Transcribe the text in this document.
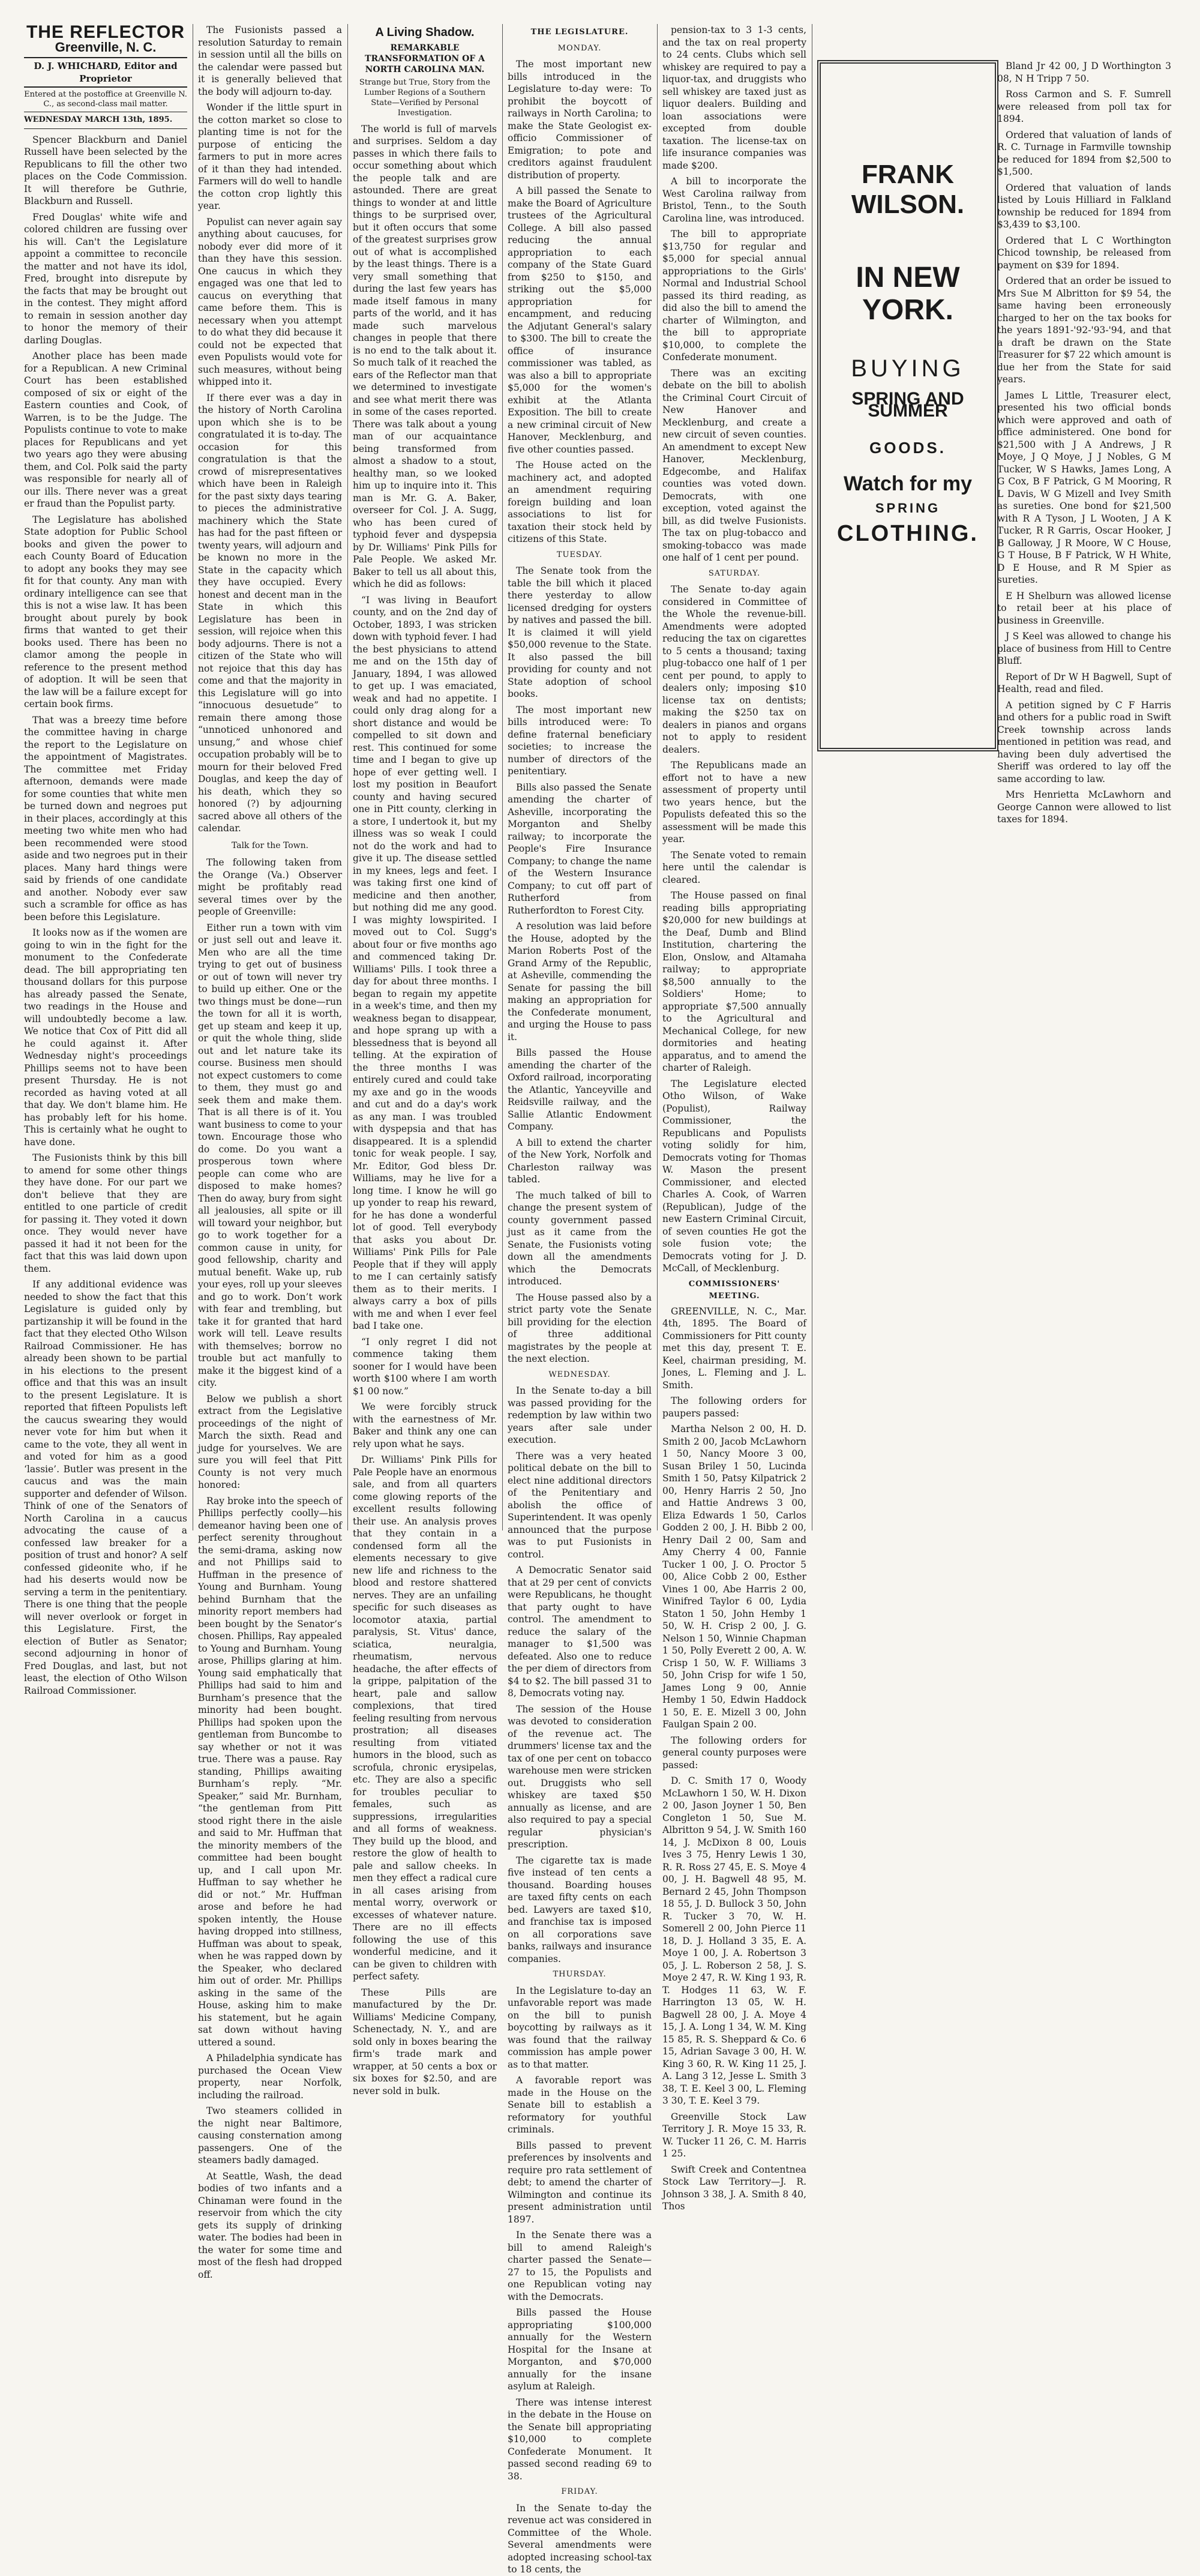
THE REFLECTOR
Greenville, N. C.
D. J. WHICHARD, Editor and Proprietor
Entered at the postoffice at Greenville N. C., as second-class mail matter.
WEDNESDAY MARCH 13th, 1895.

Spencer Blackburn and Daniel Russell have been selected by the Republicans to fill the other two places on the Code Commission. It will therefore be Guthrie, Blackburn and Russell.

Fred Douglas' white wife and colored children are fussing over his will. Can't the Legislature appoint a committee to reconcile the matter and not have its idol, Fred, brought into disrepute by the facts that may be brought out in the contest. They might afford to remain in session another day to honor the memory of their darling Douglas.

Another place has been made for a Republican. A new Criminal Court has been established composed of six or eight of the Eastern counties and Cook, of Warren, is to be the Judge. The Populists continue to vote to make places for Republicans and yet two years ago they were abusing them, and Col. Polk said the party was responsible for nearly all of our ills. There never was a great er fraud than the Populist party.

The Legislature has abolished State adoption for Public School books and given the power to each County Board of Education to adopt any books they may see fit for that county. Any man with ordinary intelligence can see that this is not a wise law. It has been brought about purely by book firms that wanted to get their books used. There has been no clamor among the people in reference to the present method of adoption. It will be seen that the law will be a failure except for certain book firms.

That was a breezy time before the committee having in charge the report to the Legislature on the appointment of Magistrates. The committee met Friday afternoon, demands were made for some counties that white men be turned down and negroes put in their places, accordingly at this meeting two white men who had been recommended were stood aside and two negroes put in their places. Many hard things were said by friends of one candidate and another. Nobody ever saw such a scramble for office as has been before this Legislature.

It looks now as if the women are going to win in the fight for the monument to the Confederate dead. The bill appropriating ten thousand dollars for this purpose has already passed the Senate, two readings in the House and will undoubtedly become a law. We notice that Cox of Pitt did all he could against it. After Wednesday night's proceedings Phillips seems not to have been present Thursday. He is not recorded as having voted at all that day. We don't blame him. He has probably left for his home. This is certainly what he ought to have done.

The Fusionists think by this bill to amend for some other things they have done. For our part we don't believe that they are entitled to one particle of credit for passing it. They voted it down once. They would never have passed it had it not been for the fact that this was laid down upon them.

If any additional evidence was needed to show the fact that this Legislature is guided only by partizanship it will be found in the fact that they elected Otho Wilson Railroad Commissioner. He has already been shown to be partial in his elections to the present office and that this was an insult to the present Legislature. It is reported that fifteen Populists left the caucus swearing they would never vote for him but when it came to the vote, they all went in and voted for him as a good ‘lassie’. Butler was present in the caucus and was the main supporter and defender of Wilson. Think of one of the Senators of North Carolina in a caucus advocating the cause of a confessed law breaker for a position of trust and honor? A self confessed gideonite who, if he had his deserts would now be serving a term in the penitentiary. There is one thing that the people will never overlook or forget in this Legislature. First, the election of Butler as Senator; second adjourning in honor of Fred Douglas, and last, but not least, the election of Otho Wilson Railroad Commissioner.

The Fusionists passed a resolution Saturday to remain in session until all the bills on the calendar were passed but it is generally believed that the body will adjourn to-day.

Wonder if the little spurt in the cotton market so close to planting time is not for the purpose of enticing the farmers to put in more acres of it than they had intended. Farmers will do well to handle the cotton crop lightly this year.

Populist can never again say anything about caucuses, for nobody ever did more of it than they have this session. One caucus in which they engaged was one that led to caucus on everything that came before them. This is necessary when you attempt to do what they did because it could not be expected that even Populists would vote for such measures, without being whipped into it.

If there ever was a day in the history of North Carolina upon which she is to be congratulated it is to-day. The occasion for this congratulation is that the crowd of misrepresentatives which have been in Raleigh for the past sixty days tearing to pieces the administrative machinery which the State has had for the past fifteen or twenty years, will adjourn and be known no more in the State in the capacity which they have occupied. Every honest and decent man in the State in which this Legislature has been in session, will rejoice when this body adjourns. There is not a citizen of the State who will not rejoice that this day has come and that the majority in this Legislature will go into “innocuous desuetude” to remain there among those “unnoticed unhonored and unsung,” and whose chief occupation probably will be to mourn for their beloved Fred Douglas, and keep the day of his death, which they so honored (?) by adjourning sacred above all others of the calendar.

Talk for the Town.

The following taken from the Orange (Va.) Observer might be profitably read several times over by the people of Greenville:

Either run a town with vim or just sell out and leave it. Men who are all the time trying to get out of business or out of town will never try to build up either. One or the two things must be done—run the town for all it is worth, get up steam and keep it up, or quit the whole thing, slide out and let nature take its course. Business men should not expect customers to come to them, they must go and seek them and make them. That is all there is of it. You want business to come to your town. Encourage those who do come. Do you want a prosperous town where people can come who are disposed to make homes? Then do away, bury from sight all jealousies, all spite or ill will toward your neighbor, but go to work together for a common cause in unity, for good fellowship, charity and mutual benefit. Wake up, rub your eyes, roll up your sleeves and go to work. Don’t work with fear and trembling, but take it for granted that hard work will tell. Leave results with themselves; borrow no trouble but act manfully to make it the biggest kind of a city.

Below we publish a short extract from the Legislative proceedings of the night of March the sixth. Read and judge for yourselves. We are sure you will feel that Pitt County is not very much honored:

Ray broke into the speech of Phillips perfectly coolly—his demeanor having been one of perfect serenity throughout the semi-drama, asking now and not Phillips said to Huffman in the presence of Young and Burnham. Young behind Burnham that the minority report members had been bought by the Senator’s chosen. Phillips, Ray appealed to Young and Burnham. Young arose, Phillips glaring at him. Young said emphatically that Phillips had said to him and Burnham’s presence that the minority had been bought. Phillips had spoken upon the gentleman from Buncombe to say whether or not it was true. There was a pause. Ray standing, Phillips awaiting Burnham’s reply. “Mr. Speaker,” said Mr. Burnham, “the gentleman from Pitt stood right there in the aisle and said to Mr. Huffman that the minority members of the committee had been bought up, and I call upon Mr. Huffman to say whether he did or not.” Mr. Huffman arose and before he had spoken intently, the House having dropped into stillness, Huffman was about to speak, when he was rapped down by the Speaker, who declared him out of order. Mr. Phillips asking in the same of the House, asking him to make his statement, but he again sat down without having uttered a sound.

A Philadelphia syndicate has purchased the Ocean View property, near Norfolk, including the railroad.

Two steamers collided in the night near Baltimore, causing consternation among passengers. One of the steamers badly damaged.

At Seattle, Wash, the dead bodies of two infants and a Chinaman were found in the reservoir from which the city gets its supply of drinking water. The bodies had been in the water for some time and most of the flesh had dropped off.

A Living Shadow.
REMARKABLE TRANSFORMATION OF A NORTH CAROLINA MAN.
Strange but True, Story from the Lumber Regions of a Southern State—Verified by Personal Investigation.

The world is full of marvels and surprises. Seldom a day passes in which there fails to occur something about which the people talk and are astounded. There are great things to wonder at and little things to be surprised over, but it often occurs that some of the greatest surprises grow out of what is accomplished by the least things. There is a very small something that during the last few years has made itself famous in many parts of the world, and it has made such marvelous changes in people that there is no end to the talk about it. So much talk of it reached the ears of the Reflector man that we determined to investigate and see what merit there was in some of the cases reported. There was talk about a young man of our acquaintance being transformed from almost a shadow to a stout, healthy man, so we looked him up to inquire into it. This man is Mr. G. A. Baker, overseer for Col. J. A. Sugg, who has been cured of typhoid fever and dyspepsia by Dr. Williams' Pink Pills for Pale People. We asked Mr. Baker to tell us all about this, which he did as follows:

“I was living in Beaufort county, and on the 2nd day of October, 1893, I was stricken down with typhoid fever. I had the best physicians to attend me and on the 15th day of January, 1894, I was allowed to get up. I was emaciated, weak and had no appetite. I could only drag along for a short distance and would be compelled to sit down and rest. This continued for some time and I began to give up hope of ever getting well. I lost my position in Beaufort county and having secured one in Pitt county, clerking in a store, I undertook it, but my illness was so weak I could not do the work and had to give it up. The disease settled in my knees, legs and feet. I was taking first one kind of medicine and then another, but nothing did me any good. I was mighty lowspirited. I moved out to Col. Sugg's about four or five months ago and commenced taking Dr. Williams' Pills. I took three a day for about three months. I began to regain my appetite in a week's time, and then my weakness began to disappear, and hope sprang up with a blessedness that is beyond all telling. At the expiration of the three months I was entirely cured and could take my axe and go in the woods and cut and do a day's work as any man. I was troubled with dyspepsia and that has disappeared. It is a splendid tonic for weak people. I say, Mr. Editor, God bless Dr. Williams, may he live for a long time. I know he will go up yonder to reap his reward, for he has done a wonderful lot of good. Tell everybody that asks you about Dr. Williams' Pink Pills for Pale People that if they will apply to me I can certainly satisfy them as to their merits. I always carry a box of pills with me and when I ever feel bad I take one.

“I only regret I did not commence taking them sooner for I would have been worth $100 where I am worth $1 00 now.”

We were forcibly struck with the earnestness of Mr. Baker and think any one can rely upon what he says.

Dr. Williams' Pink Pills for Pale People have an enormous sale, and from all quarters come glowing reports of the excellent results following their use. An analysis proves that they contain in a condensed form all the elements necessary to give new life and richness to the blood and restore shattered nerves. They are an unfailing specific for such diseases as locomotor ataxia, partial paralysis, St. Vitus' dance, sciatica, neuralgia, rheumatism, nervous headache, the after effects of la grippe, palpitation of the heart, pale and sallow complexions, that tired feeling resulting from nervous prostration; all diseases resulting from vitiated humors in the blood, such as scrofula, chronic erysipelas, etc. They are also a specific for troubles peculiar to females, such as suppressions, irregularities and all forms of weakness. They build up the blood, and restore the glow of health to pale and sallow cheeks. In men they effect a radical cure in all cases arising from mental worry, overwork or excesses of whatever nature. There are no ill effects following the use of this wonderful medicine, and it can be given to children with perfect safety.

These Pills are manufactured by the Dr. Williams' Medicine Company, Schenectady, N. Y., and are sold only in boxes bearing the firm's trade mark and wrapper, at 50 cents a box or six boxes for $2.50, and are never sold in bulk.

THE LEGISLATURE.
MONDAY.

The most important new bills introduced in the Legislature to-day were: To prohibit the boycott of railways in North Carolina; to make the State Geologist ex-officio Commissioner of Emigration; to pote and creditors against fraudulent distribution of property.

A bill passed the Senate to make the Board of Agriculture trustees of the Agricultural College. A bill also passed reducing the annual appropriation to each company of the State Guard from $250 to $150, and striking out the $5,000 appropriation for encampment, and reducing the Adjutant General's salary to $300. The bill to create the office of insurance commissioner was tabled, as was also a bill to appropriate $5,000 for the women's exhibit at the Atlanta Exposition. The bill to create a new criminal circuit of New Hanover, Mecklenburg, and five other counties passed.

The House acted on the machinery act, and adopted an amendment requiring foreign building and loan associations to list for taxation their stock held by citizens of this State.

TUESDAY.

The Senate took from the table the bill which it placed there yesterday to allow licensed dredging for oysters by natives and passed the bill. It is claimed it will yield $50,000 revenue to the State. It also passed the bill providing for county and not State adoption of school books.

The most important new bills introduced were: To define fraternal beneficiary societies; to increase the number of directors of the penitentiary.

Bills also passed the Senate amending the charter of Asheville, incorporating the Morganton and Shelby railway; to incorporate the People's Fire Insurance Company; to change the name of the Western Insurance Company; to cut off part of Rutherford from Rutherfordton to Forest City.

A resolution was laid before the House, adopted by the Marion Roberts Post of the Grand Army of the Republic, at Asheville, commending the Senate for passing the bill making an appropriation for the Confederate monument, and urging the House to pass it.

Bills passed the House amending the charter of the Oxford railroad, incorporating the Atlantic, Yanceyville and Reidsville railway, and the Sallie Atlantic Endowment Company.

A bill to extend the charter of the New York, Norfolk and Charleston railway was tabled.

The much talked of bill to change the present system of county government passed just as it came from the Senate, the Fusionists voting down all the amendments which the Democrats introduced.

The House passed also by a strict party vote the Senate bill providing for the election of three additional magistrates by the people at the next election.

WEDNESDAY.

In the Senate to-day a bill was passed providing for the redemption by law within two years after sale under execution.

There was a very heated political debate on the bill to elect nine additional directors of the Penitentiary and abolish the office of Superintendent. It was openly announced that the purpose was to put Fusionists in control.

A Democratic Senator said that at 29 per cent of convicts were Republicans, he thought that party ought to have control. The amendment to reduce the salary of the manager to $1,500 was defeated. Also one to reduce the per diem of directors from $4 to $2. The bill passed 31 to 8, Democrats voting nay.

The session of the House was devoted to consideration of the revenue act. The drummers' license tax and the tax of one per cent on tobacco warehouse men were stricken out. Druggists who sell whiskey are taxed $50 annually as license, and are also required to pay a special regular physician's prescription.

The cigarette tax is made five instead of ten cents a thousand. Boarding houses are taxed fifty cents on each bed. Lawyers are taxed $10, and franchise tax is imposed on all corporations save banks, railways and insurance companies.

THURSDAY.

In the Legislature to-day an unfavorable report was made on the bill to punish boycotting by railways as it was found that the railway commission has ample power as to that matter.

A favorable report was made in the House on the Senate bill to establish a reformatory for youthful criminals.

Bills passed to prevent preferences by insolvents and require pro rata settlement of debt; to amend the charter of Wilmington and continue its present administration until 1897.

In the Senate there was a bill to amend Raleigh's charter passed the Senate—27 to 15, the Populists and one Republican voting nay with the Democrats.

Bills passed the House appropriating $100,000 annually for the Western Hospital for the Insane at Morganton, and $70,000 annually for the insane asylum at Raleigh.

There was intense interest in the debate in the House on the Senate bill appropriating $10,000 to complete Confederate Monument. It passed second reading 69 to 38.

FRIDAY.

In the Senate to-day the revenue act was considered in Committee of the Whole. Several amendments were adopted increasing school-tax to 18 cents, the

pension-tax to 3 1-3 cents, and the tax on real property to 24 cents. Clubs which sell whiskey are required to pay a liquor-tax, and druggists who sell whiskey are taxed just as liquor dealers. Building and loan associations were excepted from double taxation. The license-tax on life insurance companies was made $200.

A bill to incorporate the West Carolina railway from Bristol, Tenn., to the South Carolina line, was introduced.

The bill to appropriate $13,750 for regular and $5,000 for special annual appropriations to the Girls' Normal and Industrial School passed its third reading, as did also the bill to amend the charter of Wilmington, and the bill to appropriate $10,000, to complete the Confederate monument.

There was an exciting debate on the bill to abolish the Criminal Court Circuit of New Hanover and Mecklenburg, and create a new circuit of seven counties. An amendment to except New Hanover, Mecklenburg, Edgecombe, and Halifax counties was voted down. Democrats, with one exception, voted against the bill, as did twelve Fusionists. The tax on plug-tobacco and smoking-tobacco was made one half of 1 cent per pound.

SATURDAY.

The Senate to-day again considered in Committee of the Whole the revenue-bill. Amendments were adopted reducing the tax on cigarettes to 5 cents a thousand; taxing plug-tobacco one half of 1 per cent per pound, to apply to dealers only; imposing $10 license tax on dentists; making the $250 tax on dealers in pianos and organs not to apply to resident dealers.

The Republicans made an effort not to have a new assessment of property until two years hence, but the Populists defeated this so the assessment will be made this year.

The Senate voted to remain here until the calendar is cleared.

The House passed on final reading bills appropriating $20,000 for new buildings at the Deaf, Dumb and Blind Institution, chartering the Elon, Onslow, and Altamaha railway; to appropriate $8,500 annually to the Soldiers' Home; to appropriate $7,500 annually to the Agricultural and Mechanical College, for new dormitories and heating apparatus, and to amend the charter of Raleigh.

The Legislature elected Otho Wilson, of Wake (Populist), Railway Commissioner, the Republicans and Populists voting solidly for him, Democrats voting for Thomas W. Mason the present Commissioner, and elected Charles A. Cook, of Warren (Republican), Judge of the new Eastern Criminal Circuit, of seven counties He got the sole fusion vote; the Democrats voting for J. D. McCall, of Mecklenburg.

COMMISSIONERS' MEETING.

GREENVILLE, N. C., Mar. 4th, 1895. The Board of Commissioners for Pitt county met this day, present T. E. Keel, chairman presiding, M. Jones, L. Fleming and J. L. Smith.

The following orders for paupers passed:

Martha Nelson 2 00, H. D. Smith 2 00, Jacob McLawhorn 1 50, Nancy Moore 3 00, Susan Briley 1 50, Lucinda Smith 1 50, Patsy Kilpatrick 2 00, Henry Harris 2 50, Jno and Hattie Andrews 3 00, Eliza Edwards 1 50, Carlos Godden 2 00, J. H. Bibb 2 00, Henry Dail 2 00, Sam and Amy Cherry 4 00, Fannie Tucker 1 00, J. O. Proctor 5 00, Alice Cobb 2 00, Esther Vines 1 00, Abe Harris 2 00, Winifred Taylor 6 00, Lydia Staton 1 50, John Hemby 1 50, W. H. Crisp 2 00, J. G. Nelson 1 50, Winnie Chapman 1 50, Polly Everett 2 00, A. W. Crisp 1 50, W. F. Williams 3 50, John Crisp for wife 1 50, James Long 9 00, Annie Hemby 1 50, Edwin Haddock 1 50, E. E. Mizell 3 00, John Faulgan Spain 2 00.

The following orders for general county purposes were passed:

D. C. Smith 17 0, Woody McLawhorn 1 50, W. H. Dixon 2 00, Jason Joyner 1 50, Ben Congleton 1 50, Sue M. Albritton 9 54, J. W. Smith 160 14, J. McDixon 8 00, Louis Ives 3 75, Henry Lewis 1 30, R. R. Ross 27 45, E. S. Moye 4 00, J. H. Bagwell 48 95, M. Bernard 2 45, John Thompson 18 55, J. D. Bullock 3 50, John R. Tucker 3 70, W. H. Somerell 2 00, John Pierce 11 18, D. J. Holland 3 35, E. A. Moye 1 00, J. A. Robertson 3 05, J. L. Roberson 2 58, J. S. Moye 2 47, R. W. King 1 93, R. T. Hodges 11 63, W. F. Harrington 13 05, W. H. Bagwell 28 00, J. A. Moye 4 15, J. A. Long 1 34, W. M. King 15 85, R. S. Sheppard & Co. 6 15, Adrian Savage 3 00, H. W. King 3 60, R. W. King 11 25, J. A. Lang 3 12, Jesse L. Smith 3 38, T. E. Keel 3 00, L. Fleming 3 30, T. E. Keel 3 79.

Greenville Stock Law Territory J. R. Moye 15 33, R. W. Tucker 11 26, C. M. Harris 1 25.

Swift Creek and Contentnea Stock Law Territory—J. R. Johnson 3 38, J. A. Smith 8 40, Thos

FRANK WILSON.
IN NEW YORK.
BUYING
SPRING AND SUMMER
GOODS.
Watch for my
SPRING
CLOTHING.

Bland Jr 42 00, J D Worthington 3 08, N H Tripp 7 50.

Ross Carmon and S. F. Sumrell were released from poll tax for 1894.

Ordered that valuation of lands of R. C. Turnage in Farmville township be reduced for 1894 from $2,500 to $1,500.

Ordered that valuation of lands listed by Louis Hilliard in Falkland township be reduced for 1894 from $3,439 to $3,100.

Ordered that L C Worthington Chicod township, be released from payment on $39 for 1894.

Ordered that an order be issued to Mrs Sue M Albritton for $9 54, the same having been erroneously charged to her on the tax books for the years 1891-'92-'93-'94, and that a draft be drawn on the State Treasurer for $7 22 which amount is due her from the State for said years.

James L Little, Treasurer elect, presented his two official bonds which were approved and oath of office administered. One bond for $21,500 with J A Andrews, J R Moye, J Q Moye, J J Nobles, G M Tucker, W S Hawks, James Long, A G Cox, B F Patrick, G M Mooring, R L Davis, W G Mizell and Ivey Smith as sureties. One bond for $21,500 with R A Tyson, J L Wooten, J A K Tucker, R R Garris, Oscar Hooker, J B Galloway, J R Moore, W C House, G T House, B F Patrick, W H White, D E House, and R M Spier as sureties.

E H Shelburn was allowed license to retail beer at his place of business in Greenville.

J S Keel was allowed to change his place of business from Hill to Centre Bluff.

Report of Dr W H Bagwell, Supt of Health, read and filed.

A petition signed by C F Harris and others for a public road in Swift Creek township across lands mentioned in petition was read, and having been duly advertised the Sheriff was ordered to lay off the same according to law.

Mrs Henrietta McLawhorn and George Cannon were allowed to list taxes for 1894.
